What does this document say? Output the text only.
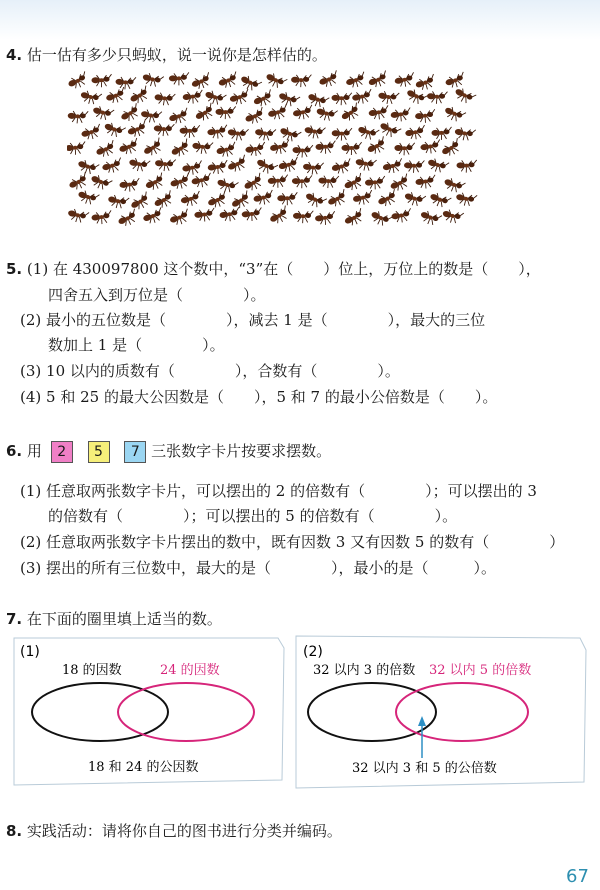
4. 估一估有多少只蚂蚁，说一说你是怎样估的。
5. (1) 在 430097800 这个数中，“3”在（　　）位上，万位上的数是（　　），
四舍五入到万位是（　　　　）。
(2) 最小的五位数是（　　　　），减去 1 是（　　　　），最大的三位
数加上 1 是（　　　　）。
(3) 10 以内的质数有（　　　　），合数有（　　　　）。
(4) 5 和 25 的最大公因数是（　　），5 和 7 的最小公倍数是（　　）。
6. 用 2 5 7 三张数字卡片按要求摆数。
(1) 任意取两张数字卡片，可以摆出的 2 的倍数有（　　　　）；可以摆出的 3
的倍数有（　　　　）；可以摆出的 5 的倍数有（　　　　）。
(2) 任意取两张数字卡片摆出的数中，既有因数 3 又有因数 5 的数有（　　　　）
(3) 摆出的所有三位数中，最大的是（　　　　），最小的是（　　　）。
7. 在下面的圈里填上适当的数。
(1)
18 的因数	24 的因数
18 和 24 的公因数
(2)
32 以内 3 的倍数 32 以内 5 的倍数
32 以内 3 和 5 的公倍数
8. 实践活动：请将你自己的图书进行分类并编码。
67
